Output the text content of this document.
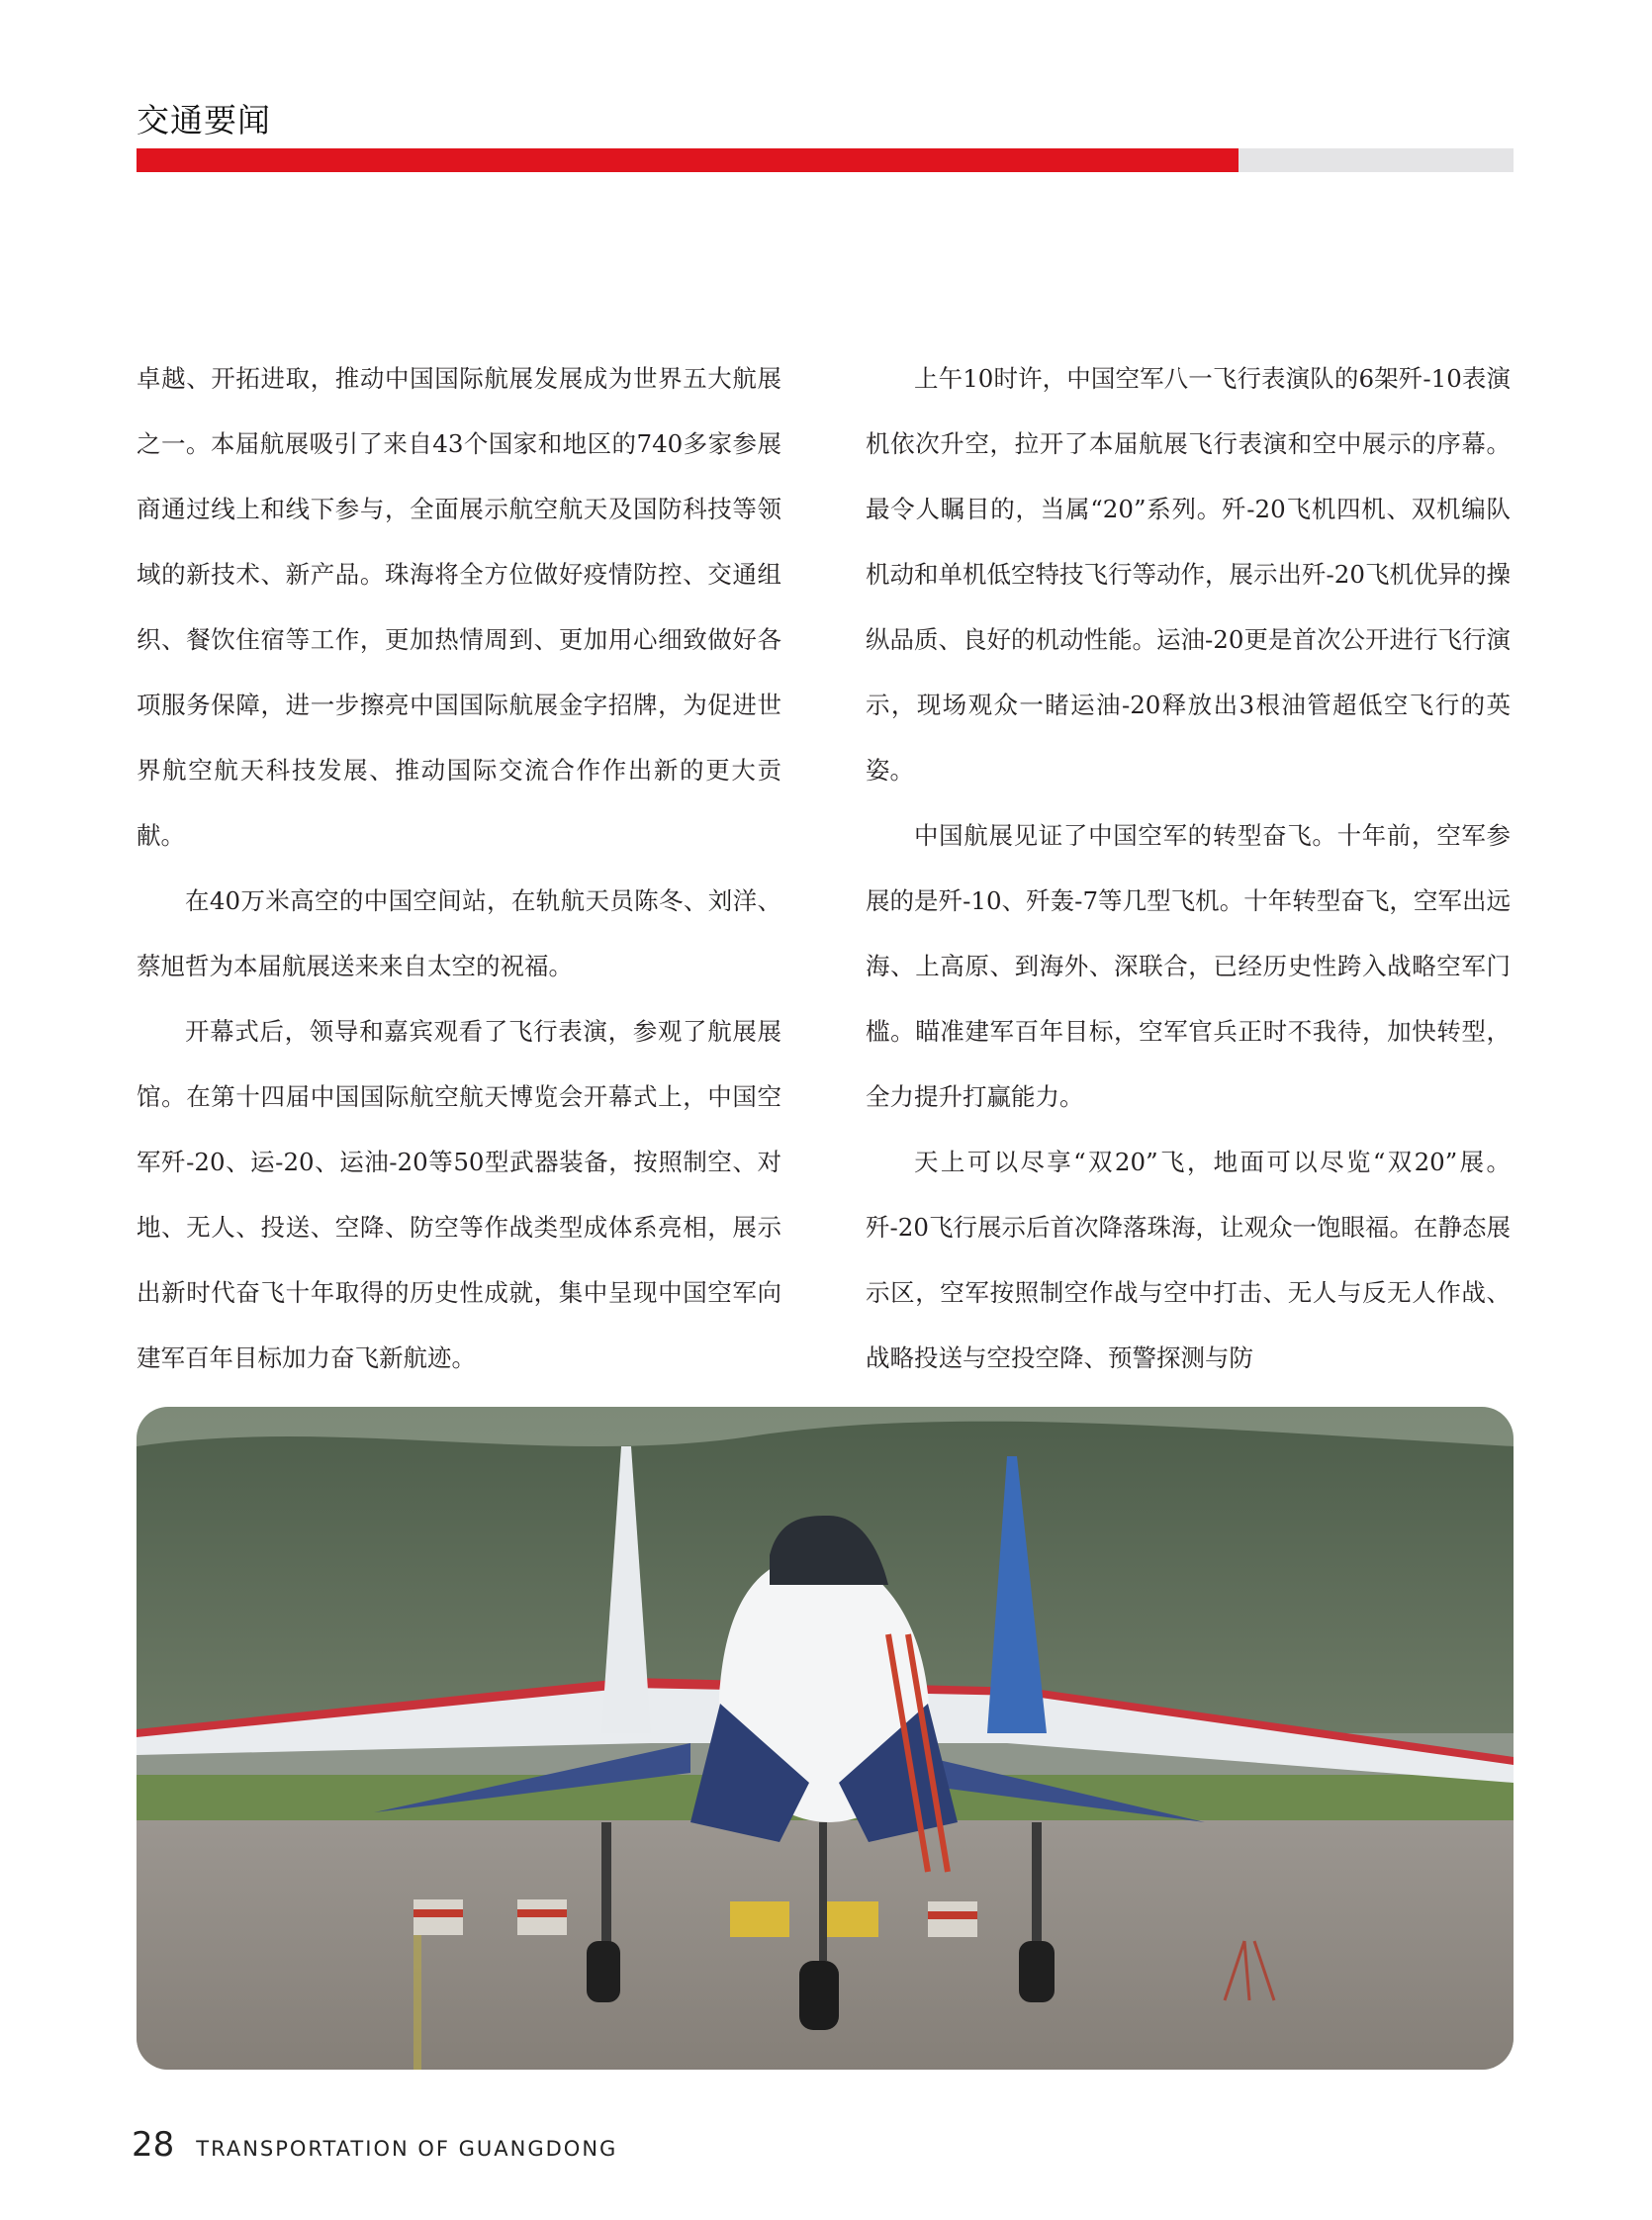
交通要闻

卓越、开拓进取，推动中国国际航展发展成为世界五大航展之一。本届航展吸引了来自43个国家和地区的740多家参展商通过线上和线下参与，全面展示航空航天及国防科技等领域的新技术、新产品。珠海将全方位做好疫情防控、交通组织、餐饮住宿等工作，更加热情周到、更加用心细致做好各项服务保障，进一步擦亮中国国际航展金字招牌，为促进世界航空航天科技发展、推动国际交流合作作出新的更大贡献。

在40万米高空的中国空间站，在轨航天员陈冬、刘洋、蔡旭哲为本届航展送来来自太空的祝福。

开幕式后，领导和嘉宾观看了飞行表演，参观了航展展馆。在第十四届中国国际航空航天博览会开幕式上，中国空军歼-20、运-20、运油-20等50型武器装备，按照制空、对地、无人、投送、空降、防空等作战类型成体系亮相，展示出新时代奋飞十年取得的历史性成就，集中呈现中国空军向建军百年目标加力奋飞新航迹。

上午10时许，中国空军八一飞行表演队的6架歼-10表演机依次升空，拉开了本届航展飞行表演和空中展示的序幕。最令人瞩目的，当属“20”系列。歼-20飞机四机、双机编队机动和单机低空特技飞行等动作，展示出歼-20飞机优异的操纵品质、良好的机动性能。运油-20更是首次公开进行飞行演示，现场观众一睹运油-20释放出3根油管超低空飞行的英姿。

中国航展见证了中国空军的转型奋飞。十年前，空军参展的是歼-10、歼轰-7等几型飞机。十年转型奋飞，空军出远海、上高原、到海外、深联合，已经历史性跨入战略空军门槛。瞄准建军百年目标，空军官兵正时不我待，加快转型，全力提升打赢能力。

天上可以尽享“双20”飞，地面可以尽览“双20”展。歼-20飞行展示后首次降落珠海，让观众一饱眼福。在静态展示区，空军按照制空作战与空中打击、无人与反无人作战、战略投送与空投空降、预警探测与防

28 TRANSPORTATION OF GUANGDONG
